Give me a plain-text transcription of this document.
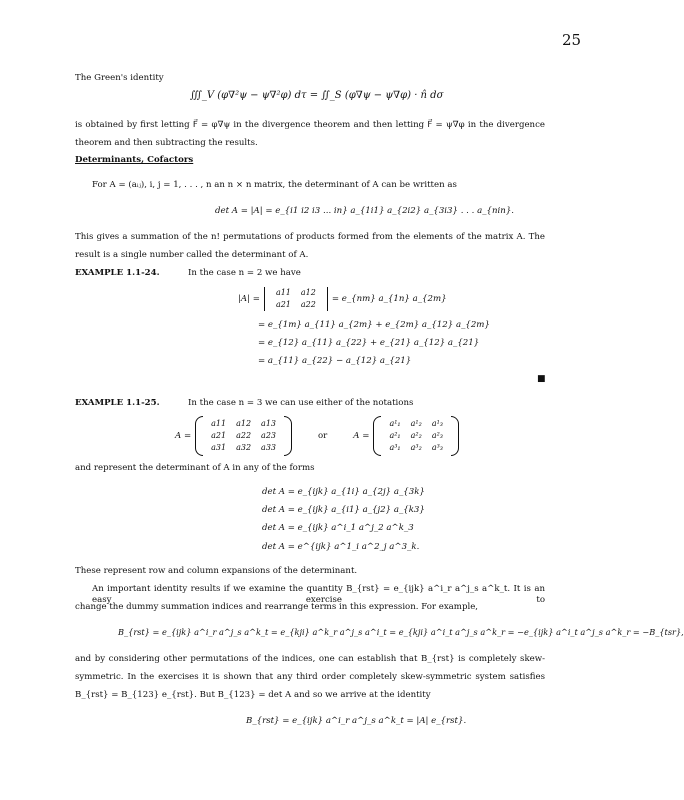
25
The Green's identity
∭_V (φ∇²ψ − ψ∇²φ) dτ = ∬_S (φ∇ψ − ψ∇φ) · n̂ dσ
is obtained by first letting F⃗ = φ∇ψ in the divergence theorem and then letting F⃗ = ψ∇φ in the divergence
theorem and then subtracting the results.
Determinants, Cofactors
For A = (aᵢⱼ), i, j = 1, . . . , n an n × n matrix, the determinant of A can be written as
det A = |A| = e_{i1 i2 i3 ... in} a_{1i1} a_{2i2} a_{3i3} . . . a_{nin}.
This gives a summation of the n! permutations of products formed from the elements of the matrix A. The
result is a single number called the determinant of A.
EXAMPLE 1.1-24.	In the case n = 2 we have
|A| =
a11	a12
a21	a22
= e_{nm} a_{1n} a_{2m}
= e_{1m} a_{11} a_{2m} + e_{2m} a_{12} a_{2m}
= e_{12} a_{11} a_{22} + e_{21} a_{12} a_{21}
= a_{11} a_{22} − a_{12} a_{21}
■
EXAMPLE 1.1-25.	In the case n = 3 we can use either of the notations
A =
a11	a12	a13
a21	a22	a23
a31	a32	a33
or	A =
a¹₁	a¹₂	a¹₃
a²₁	a²₂	a²₃
a³₁	a³₂	a³₃
and represent the determinant of A in any of the forms
det A = e_{ijk} a_{1i} a_{2j} a_{3k}
det A = e_{ijk} a_{i1} a_{j2} a_{k3}
det A = e_{ijk} a^i_1 a^j_2 a^k_3
det A = e^{ijk} a^1_i a^2_j a^3_k.
These represent row and column expansions of the determinant.
An important identity results if we examine the quantity B_{rst} = e_{ijk} a^i_r a^j_s a^k_t. It is an easy exercise to
change the dummy summation indices and rearrange terms in this expression. For example,
B_{rst} = e_{ijk} a^i_r a^j_s a^k_t = e_{kji} a^k_r a^j_s a^i_t = e_{kji} a^i_t a^j_s a^k_r = −e_{ijk} a^i_t a^j_s a^k_r = −B_{tsr},
and by considering other permutations of the indices, one can establish that B_{rst} is completely skew-
symmetric. In the exercises it is shown that any third order completely skew-symmetric system satisfies
B_{rst} = B_{123} e_{rst}. But B_{123} = det A and so we arrive at the identity
B_{rst} = e_{ijk} a^i_r a^j_s a^k_t = |A| e_{rst}.
